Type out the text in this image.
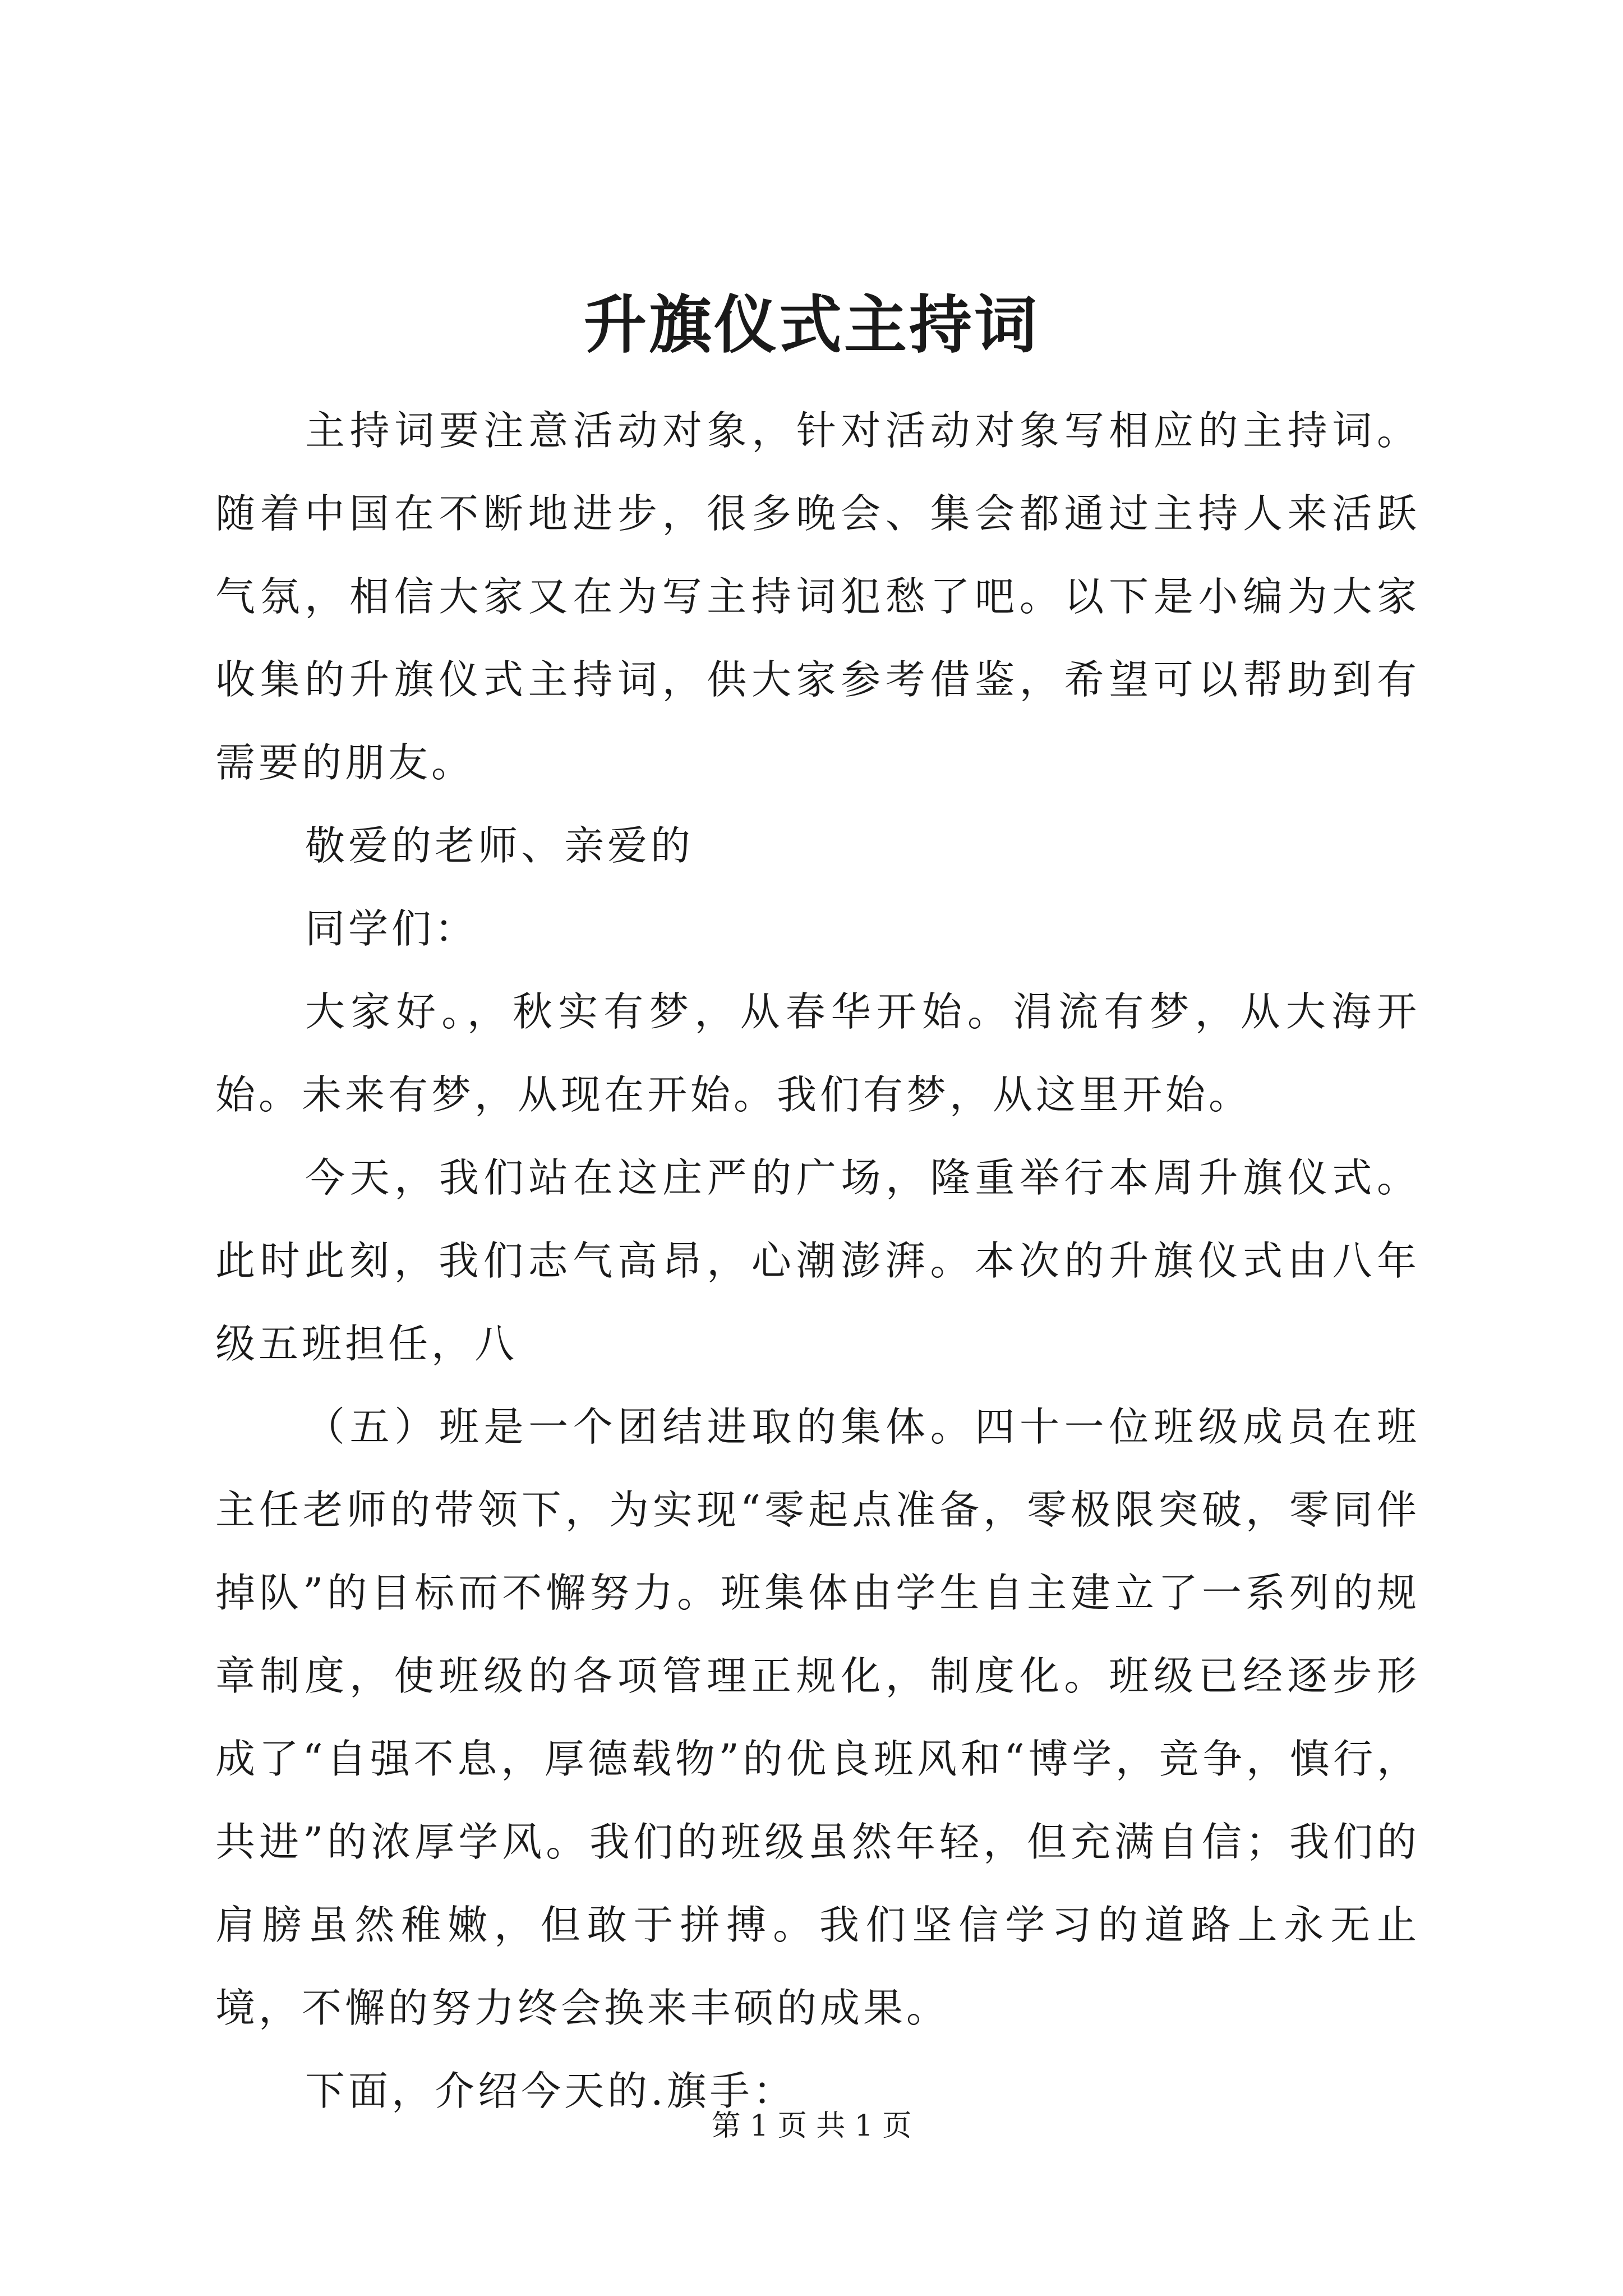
升旗仪式主持词

主持词要注意活动对象，针对活动对象写相应的主持词。随着中国在不断地进步，很多晚会、集会都通过主持人来活跃气氛，相信大家又在为写主持词犯愁了吧。以下是小编为大家收集的升旗仪式主持词，供大家参考借鉴，希望可以帮助到有需要的朋友。

敬爱的老师、亲爱的

同学们：

大家好。，秋实有梦，从春华开始。涓流有梦，从大海开始。未来有梦，从现在开始。我们有梦，从这里开始。

今天，我们站在这庄严的广场，隆重举行本周升旗仪式。此时此刻，我们志气高昂，心潮澎湃。本次的升旗仪式由八年级五班担任，八

（五）班是一个团结进取的集体。四十一位班级成员在班主任老师的带领下，为实现“零起点准备，零极限突破，零同伴掉队”的目标而不懈努力。班集体由学生自主建立了一系列的规章制度，使班级的各项管理正规化，制度化。班级已经逐步形成了“自强不息，厚德载物”的优良班风和“博学，竞争，慎行，共进”的浓厚学风。我们的班级虽然年轻，但充满自信；我们的肩膀虽然稚嫩，但敢于拼搏。我们坚信学习的道路上永无止境，不懈的努力终会换来丰硕的成果。

下面，介绍今天的.旗手：

第 1 页 共 1 页
